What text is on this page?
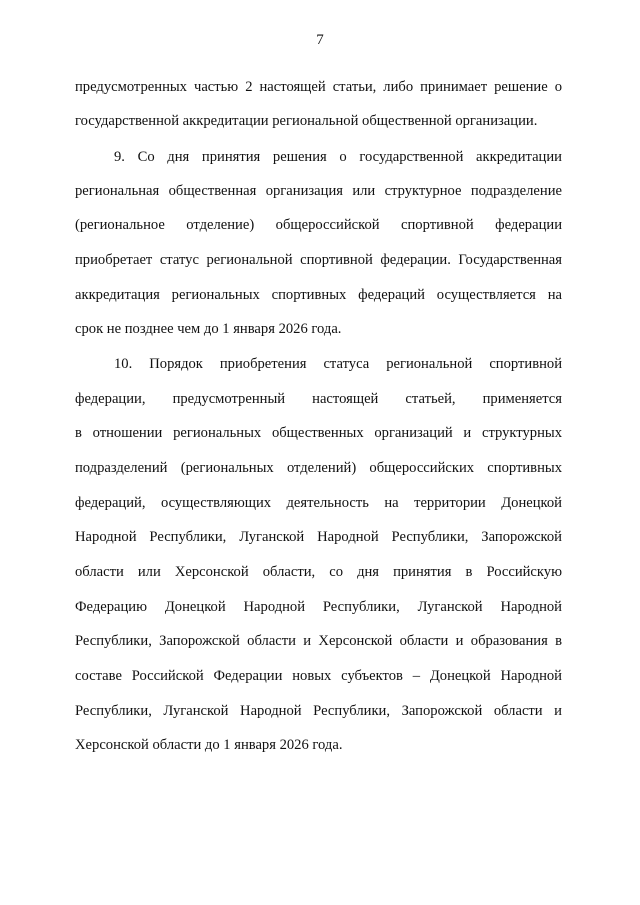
7
предусмотренных частью 2 настоящей статьи, либо принимает решение о
государственной аккредитации региональной общественной организации.
9. Со дня принятия решения о государственной аккредитации
региональная общественная организация или структурное подразделение
(региональное отделение) общероссийской спортивной федерации
приобретает статус региональной спортивной федерации. Государственная
аккредитация региональных спортивных федераций осуществляется на
срок не позднее чем до 1 января 2026 года.
10. Порядок приобретения статуса региональной спортивной
федерации, предусмотренный настоящей статьей, применяется
в отношении региональных общественных организаций и структурных
подразделений (региональных отделений) общероссийских спортивных
федераций, осуществляющих деятельность на территории Донецкой
Народной Республики, Луганской Народной Республики, Запорожской
области или Херсонской области, со дня принятия в Российскую
Федерацию Донецкой Народной Республики, Луганской Народной
Республики, Запорожской области и Херсонской области и образования в
составе Российской Федерации новых субъектов – Донецкой Народной
Республики, Луганской Народной Республики, Запорожской области и
Херсонской области до 1 января 2026 года.
